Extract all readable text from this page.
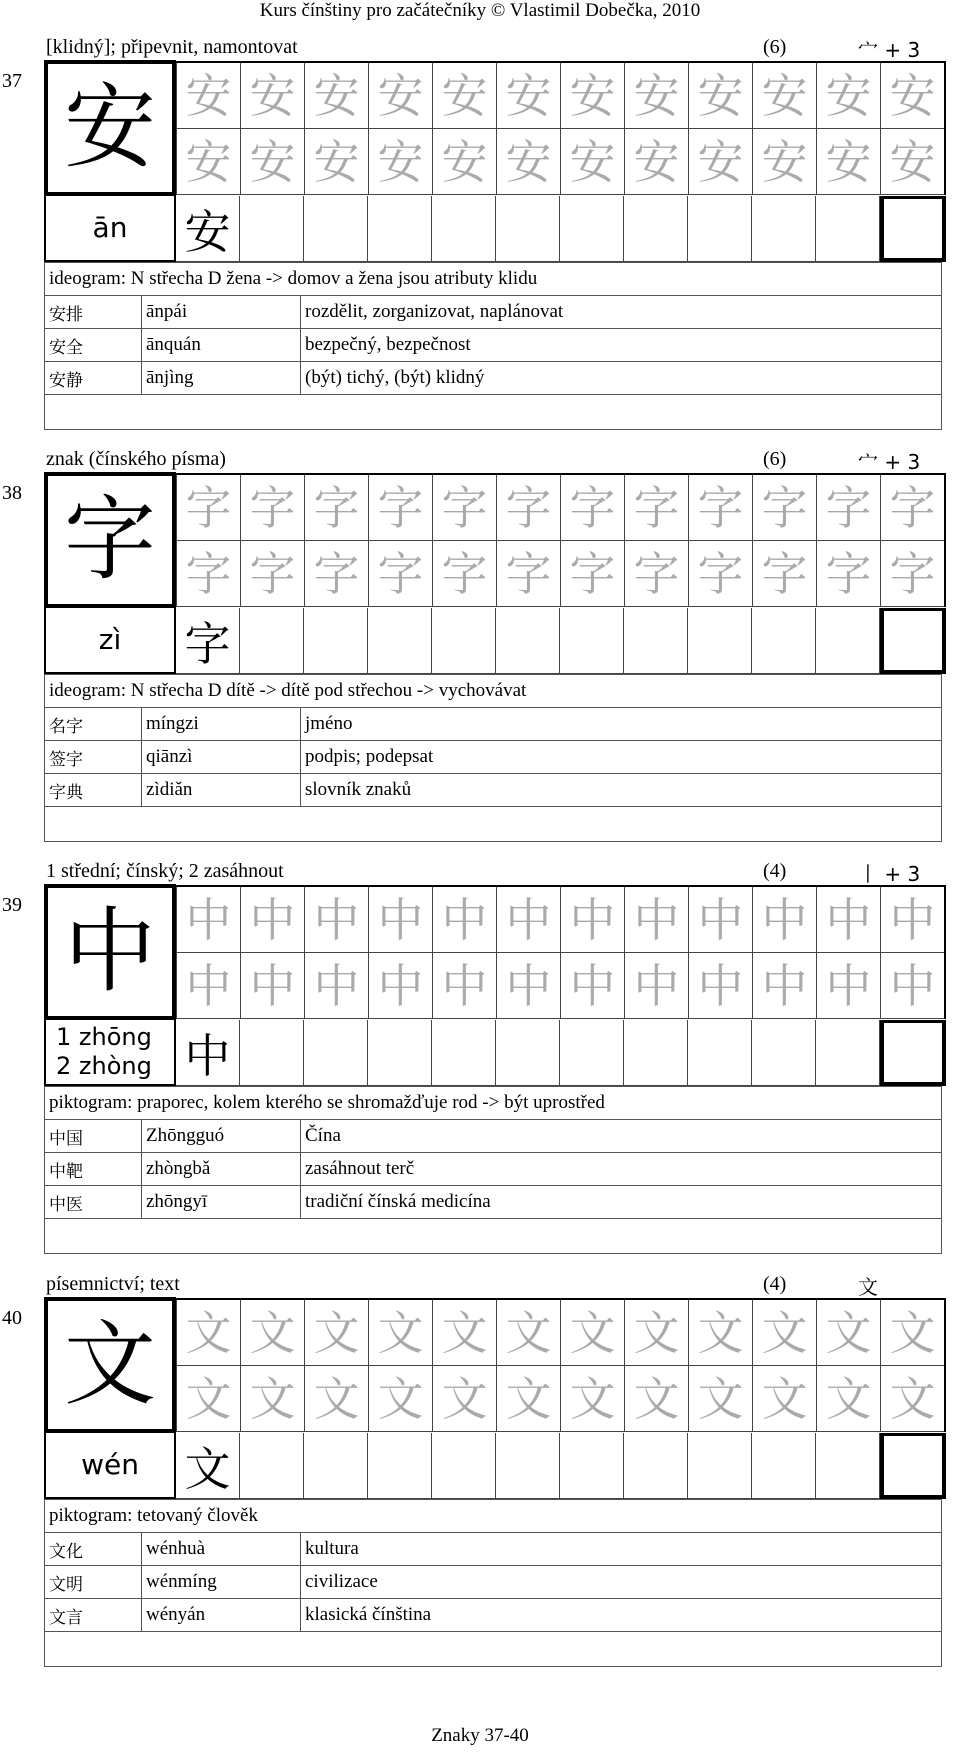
Kurs čínštiny pro začátečníky © Vlastimil Dobečka, 2010
37
[klidný]; připevnit, namontovat	(6)	宀 + 3
安 安	安	安	安	安	安	安	安	安	安	安	安
安	安	安	安	安	安	安	安	安	安	安	安
ān 安
ideogram: N střecha D žena -> domov a žena jsou atributy klidu		
安排	ānpái	rozdělit, zorganizovat, naplánovat
安全	ānquán	bezpečný, bezpečnost
安静	ānjìng	(být) tichý, (být) klidný

38
znak (čínského písma)	(6)	宀 + 3
字 字	字	字	字	字	字	字	字	字	字	字	字
字	字	字	字	字	字	字	字	字	字	字	字
zì 字
ideogram: N střecha D dítě -> dítě pod střechou -> vychovávat		
名字	míngzi	jméno
签字	qiānzì	podpis; podepsat
字典	zìdiǎn	slovník znaků

39
1 střední; čínský; 2 zasáhnout	(4)	丨 + 3
中 中	中	中	中	中	中	中	中	中	中	中	中
中	中	中	中	中	中	中	中	中	中	中	中
1 zhōng
2 zhòng 中
piktogram: praporec, kolem kterého se shromažďuje rod -> být uprostřed		
中国	Zhōngguó	Čína
中靶	zhòngbǎ	zasáhnout terč
中医	zhōngyī	tradiční čínská medicína

40
písemnictví; text	(4)	文
文 文	文	文	文	文	文	文	文	文	文	文	文
文	文	文	文	文	文	文	文	文	文	文	文
wén 文
piktogram: tetovaný člověk		
文化	wénhuà	kultura
文明	wénmíng	civilizace
文言	wényán	klasická čínština

Znaky 37-40
